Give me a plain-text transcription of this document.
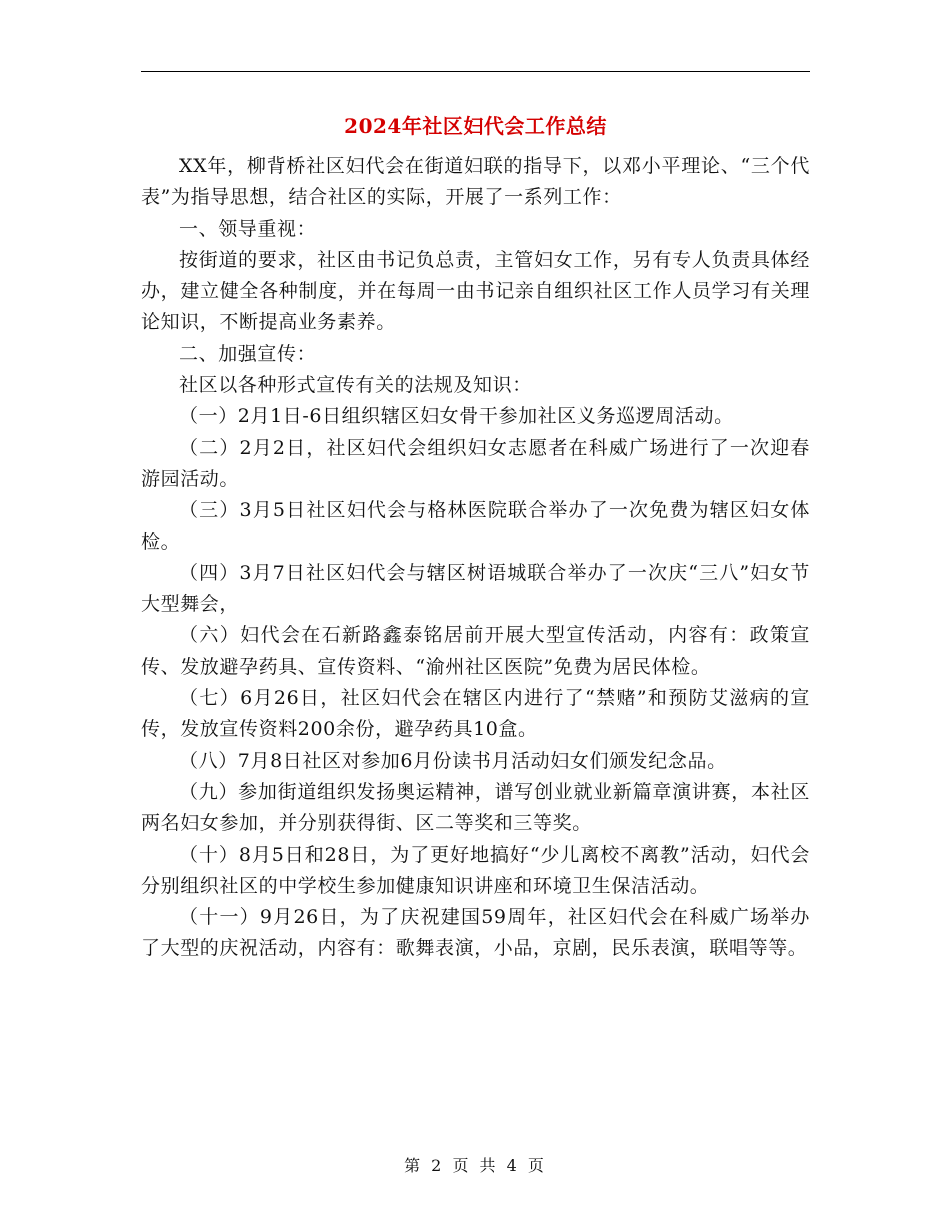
2024年社区妇代会工作总结

XX年，柳背桥社区妇代会在街道妇联的指导下，以邓小平理论、“三个代表”为指导思想，结合社区的实际，开展了一系列工作：

一、领导重视：

按街道的要求，社区由书记负总责，主管妇女工作，另有专人负责具体经办，建立健全各种制度，并在每周一由书记亲自组织社区工作人员学习有关理论知识，不断提高业务素养。

二、加强宣传：

社区以各种形式宣传有关的法规及知识：

（一）2月1日-6日组织辖区妇女骨干参加社区义务巡逻周活动。

（二）2月2日，社区妇代会组织妇女志愿者在科威广场进行了一次迎春游园活动。

（三）3月5日社区妇代会与格林医院联合举办了一次免费为辖区妇女体检。

（四）3月7日社区妇代会与辖区树语城联合举办了一次庆“三八”妇女节大型舞会，

（六）妇代会在石新路鑫泰铭居前开展大型宣传活动，内容有：政策宣传、发放避孕药具、宣传资料、“渝州社区医院”免费为居民体检。

（七）6月26日，社区妇代会在辖区内进行了“禁赌”和预防艾滋病的宣传，发放宣传资料200余份，避孕药具10盒。

（八）7月8日社区对参加6月份读书月活动妇女们颁发纪念品。

（九）参加街道组织发扬奥运精神，谱写创业就业新篇章演讲赛，本社区两名妇女参加，并分别获得街、区二等奖和三等奖。

（十）8月5日和28日，为了更好地搞好“少儿离校不离教”活动，妇代会分别组织社区的中学校生参加健康知识讲座和环境卫生保洁活动。

（十一）9月26日，为了庆祝建国59周年，社区妇代会在科威广场举办了大型的庆祝活动，内容有：歌舞表演，小品，京剧，民乐表演，联唱等等。

第 2 页 共 4 页
